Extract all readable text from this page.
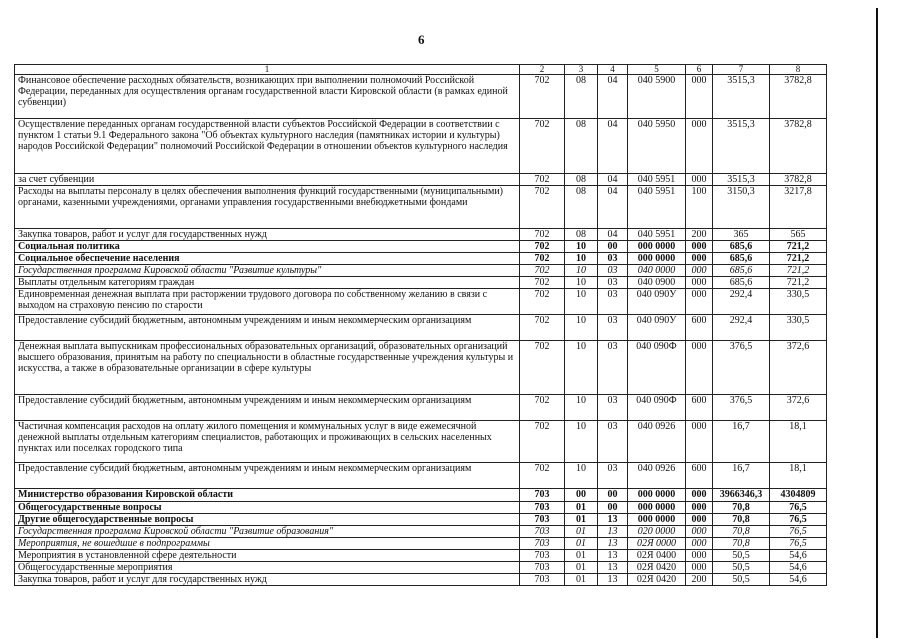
6
1	2	3	4	5	6	7	8
Финансовое обеспечение расходных обязательств, возникающих при выполнении полномочий Российской Федерации, переданных для осуществления органам государственной власти Кировской области (в рамках единой субвенции)	702	08	04	040 5900	000	3515,3	3782,8
Осуществление переданных органам государственной власти субъектов Российской Федерации в соответствии с пунктом 1 статьи 9.1 Федерального закона "Об объектах культурного наследия (памятниках истории и культуры) народов Российской Федерации" полномочий Российской Федерации в отношении объектов культурного наследия	702	08	04	040 5950	000	3515,3	3782,8
за счет субвенции	702	08	04	040 5951	000	3515,3	3782,8
Расходы на выплаты персоналу в целях обеспечения выполнения функций государственными (муниципальными) органами, казенными учреждениями, органами управления государственными внебюджетными фондами	702	08	04	040 5951	100	3150,3	3217,8
Закупка товаров, работ и услуг для государственных нужд	702	08	04	040 5951	200	365	565
Социальная политика	702	10	00	000 0000	000	685,6	721,2
Социальное обеспечение населения	702	10	03	000 0000	000	685,6	721,2
Государственная программа Кировской области "Развитие культуры"	702	10	03	040 0000	000	685,6	721,2
Выплаты отдельным категориям граждан	702	10	03	040 0900	000	685,6	721,2
Единовременная денежная выплата при расторжении трудового договора по собственному желанию в связи с выходом на страховую пенсию по старости	702	10	03	040 090У	000	292,4	330,5
Предоставление субсидий бюджетным, автономным учреждениям и иным некоммерческим организациям	702	10	03	040 090У	600	292,4	330,5
Денежная выплата выпускникам профессиональных образовательных организаций, образовательных организаций высшего образования, принятым на работу по специальности в областные государственные учреждения культуры и искусства, а также в образовательные организации в сфере культуры	702	10	03	040 090Ф	000	376,5	372,6
Предоставление субсидий бюджетным, автономным учреждениям и иным некоммерческим организациям	702	10	03	040 090Ф	600	376,5	372,6
Частичная компенсация расходов на оплату жилого помещения и коммунальных услуг в виде ежемесячной денежной выплаты отдельным категориям специалистов, работающих и проживающих в сельских населенных пунктах или поселках городского типа	702	10	03	040 0926	000	16,7	18,1
Предоставление субсидий бюджетным, автономным учреждениям и иным некоммерческим организациям	702	10	03	040 0926	600	16,7	18,1
Министерство образования Кировской области	703	00	00	000 0000	000	3966346,3	4304809
Общегосударственные вопросы	703	01	00	000 0000	000	70,8	76,5
Другие общегосударственные вопросы	703	01	13	000 0000	000	70,8	76,5
Государственная программа Кировской области "Развитие образования"	703	01	13	020 0000	000	70,8	76,5
Мероприятия, не вошедшие в подпрограммы	703	01	13	02Я 0000	000	70,8	76,5
Мероприятия в установленной сфере деятельности	703	01	13	02Я 0400	000	50,5	54,6
Общегосударственные мероприятия	703	01	13	02Я 0420	000	50,5	54,6
Закупка товаров, работ и услуг для государственных нужд	703	01	13	02Я 0420	200	50,5	54,6
